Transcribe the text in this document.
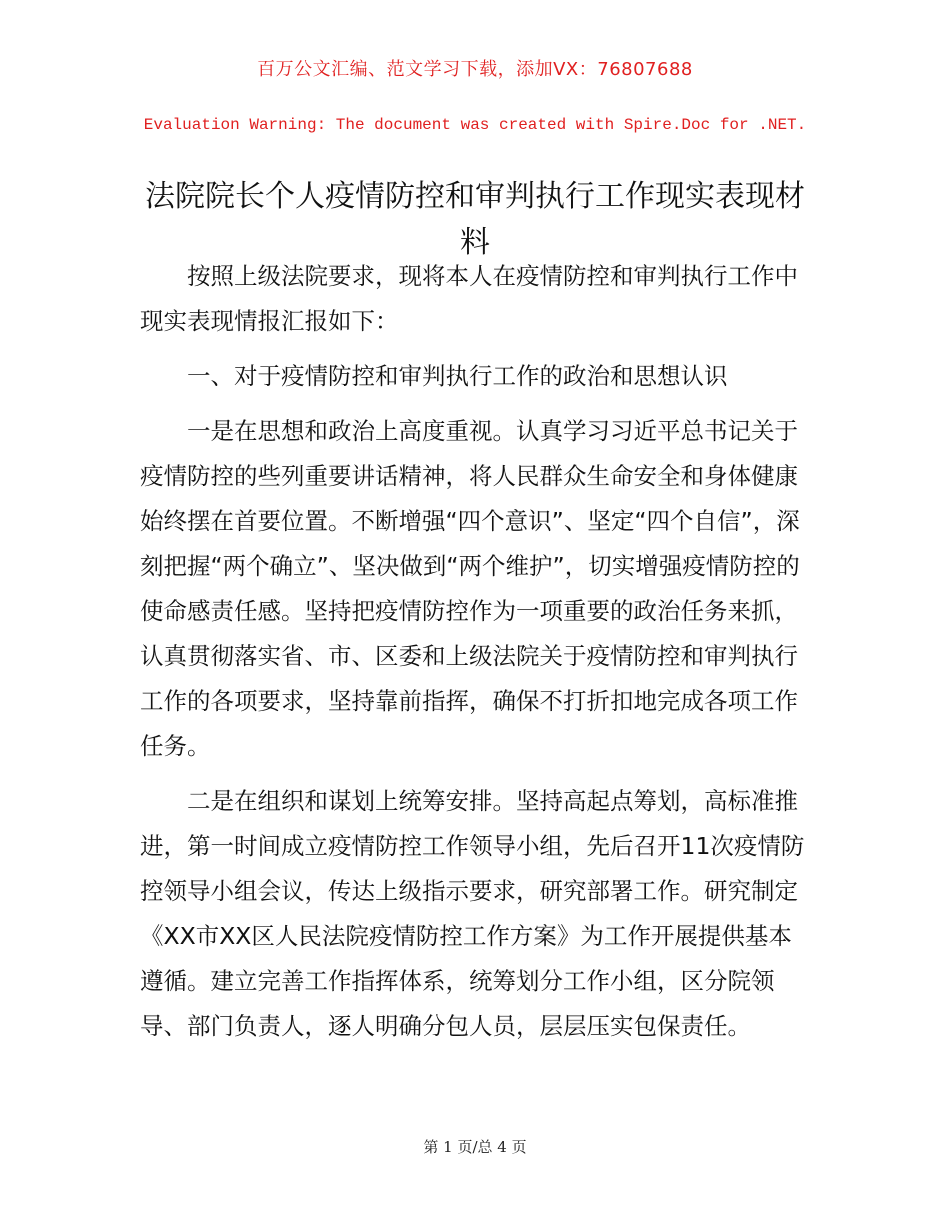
百万公文汇编、范文学习下载，添加VX：76807688
Evaluation Warning: The document was created with Spire.Doc for .NET.
法院院长个人疫情防控和审判执行工作现实表现材料

按照上级法院要求，现将本人在疫情防控和审判执行工作中现实表现情报汇报如下：

一、对于疫情防控和审判执行工作的政治和思想认识

一是在思想和政治上高度重视。认真学习习近平总书记关于疫情防控的些列重要讲话精神，将人民群众生命安全和身体健康始终摆在首要位置。不断增强“四个意识”、坚定“四个自信”，深刻把握“两个确立”、坚决做到“两个维护”，切实增强疫情防控的使命感责任感。坚持把疫情防控作为一项重要的政治任务来抓，认真贯彻落实省、市、区委和上级法院关于疫情防控和审判执行工作的各项要求，坚持靠前指挥，确保不打折扣地完成各项工作任务。

二是在组织和谋划上统筹安排。坚持高起点筹划，高标准推进，第一时间成立疫情防控工作领导小组，先后召开11次疫情防控领导小组会议，传达上级指示要求，研究部署工作。研究制定《XX市XX区人民法院疫情防控工作方案》为工作开展提供基本遵循。建立完善工作指挥体系，统筹划分工作小组，区分院领导、部门负责人，逐人明确分包人员，层层压实包保责任。

第 1 页/总 4 页
